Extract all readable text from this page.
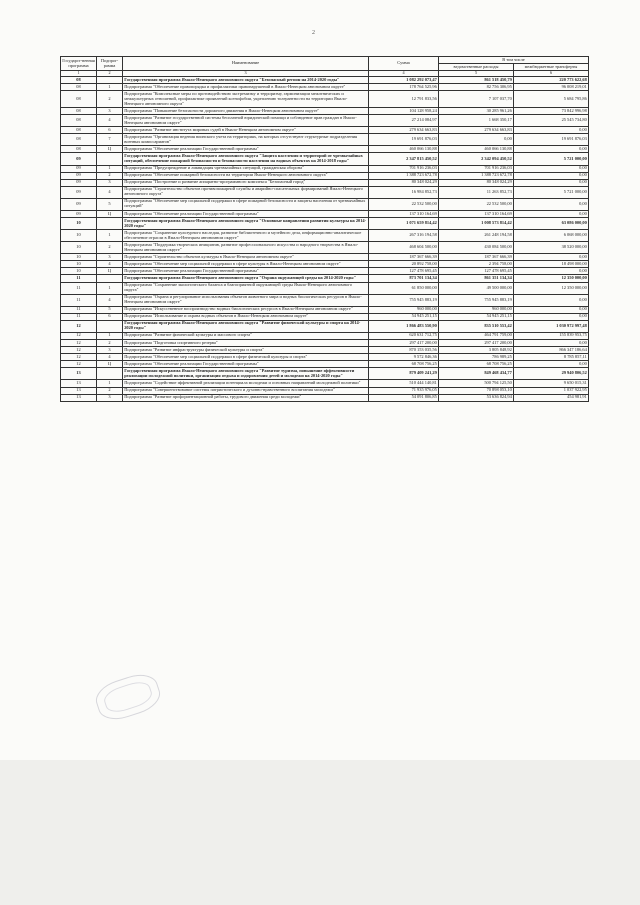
2
Государст-венная программа	Подпрог-рамма	Наименование	Сумма	В том числе	
				ведомственные расходы	межбюджетные трансферты
1	2	3	4	5	6
08		Государственная программа Ямало-Ненецкого автономного округа "Безопасный регион на 2014-2020 годы"	1 082 292 073,47	861 518 450,79	220 773 622,68
08	1	Подпрограмма "Обеспечение правопорядка и профилактики правонарушений в Ямало-Ненецком автономном округе"	178 764 525,96	82 756 306,95	96 008 219,01
08	2	Подпрограмма "Комплексные меры по противодействию экстремизму и терроризму, гармонизации межэтнических и межкультурных отношений, профилактике проявлений ксенофобии, укреплению толерантности на территории Ямало-Ненецкого автономного округа"	12 791 833,56	7 107 037,70	5 684 795,86
08	3	Подпрограмма "Повышение безопасности дорожного движения в Ямало-Ненецком автономном округе"	104 128 958,24	30 285 961,26	73 842 996,98
08	4	Подпрограмма "Развитие государственной системы бесплатной юридической помощи и соблюдение прав граждан в Ямало-Ненецком автономном округе"	27 214 084,97	1 668 350,17	25 545 734,80
08	6	Подпрограмма "Развитие института мировых судей в Ямало-Ненецком автономном округе"	279 634 663,83	279 634 663,83	0,00
08	7	Подпрограмма "Организация ведения воинского учета на территориях, на которых отсутствуют структурные подразделения военных комиссариатов"	19 691 876,03	0,00	19 691 876,03
08	Ц	Подпрограмма "Обеспечение реализации Государственной программы"	460 066 130,88	460 066 130,88	0,00
09		Государственная программа Ямало-Ненецкого автономного округа "Защита населения и территорий от чрезвычайных ситуаций, обеспечение пожарной безопасности и безопасности населения на водных объектах на 2014-2018 годы"	2 347 815 450,52	2 342 094 450,52	5 721 000,00
09	1	Подпрограмма "Предупреждение и ликвидация чрезвычайных ситуаций, гражданская оборона"	701 916 236,03	701 916 236,03	0,00
09	2	Подпрограмма "Обеспечение пожарной безопасности на территории Ямало-Ненецкого автономного округа"	1 388 723 672,78	1 388 723 672,78	0,00
09	3	Подпрограмма "Построение и развитие аппаратно-программного комплекса "Безопасный город"	80 348 024,29	80 348 024,29	0,00
09	4	Подпрограмма "Строительство объектов противопожарной службы и аварийно-спасательных формирований Ямало-Ненецкого автономного округа"	16 984 852,73	11 263 852,73	5 721 000,00
09	5	Подпрограмма "Обеспечение мер социальной поддержки в сфере пожарной безопасности и защиты населения от чрезвычайных ситуаций"	22 532 500,00	22 532 500,00	0,00
09	Ц	Подпрограмма "Обеспечение реализации Государственной программы"	137 310 164,69	137 310 164,69	0,00
10		Государственная программа Ямало-Ненецкого автономного округа "Основные направления развития культуры на 2014-2020 годы"	1 071 659 814,42	1 008 573 814,42	63 086 000,00
10	1	Подпрограмма "Сохранение культурного наследия, развитие библиотечного и музейного дела, информационно-аналитическое обеспечение отрасли в Ямало-Ненецком автономном округе"	267 316 194,58	261 248 194,58	6 068 000,00
10	2	Подпрограмма "Поддержка творческих инициатив, развитие профессионального искусства и народного творчества в Ямало-Ненецком автономном округе"	468 604 500,00	430 084 500,00	38 520 000,00
10	3	Подпрограмма "Строительство объектов культуры в Ямало-Ненецком автономном округе"	187 367 666,39	187 367 666,39	0,00
10	4	Подпрограмма "Обеспечение мер социальной поддержки в сфере культуры в Ямало-Ненецком автономном округе"	20 892 758,00	2 394 758,00	18 498 000,00
10	Ц	Подпрограмма "Обеспечение реализации Государственной программы"	127 478 695,45	127 478 695,45	0,00
11		Государственная программа Ямало-Ненецкого автономного округа "Охрана окружающей среды на 2014-2020 годы"	873 701 134,34	861 351 134,34	12 350 000,00
11	1	Подпрограмма "Сохранение экологического баланса и благоприятной окружающей среды Ямало-Ненецкого автономного округа"	61 850 000,00	49 500 000,00	12 350 000,00
11	4	Подпрограмма "Охрана и регулирование использования объектов животного мира и водных биологических ресурсов в Ямало-Ненецком автономном округе"	755 945 883,19	755 945 883,19	0,00
11	5	Подпрограмма "Искусственное воспроизводство водных биологических ресурсов в Ямало-Ненецком автономном округе"	960 000,00	960 000,00	0,00
11	6	Подпрограмма "Использование и охрана водных объектов в Ямало-Ненецком автономном округе"	54 945 251,15	54 945 251,15	0,00
12		Государственная программа Ямало-Ненецкого автономного округа "Развитие физической культуры и спорта на 2014-2020 годы"	1 866 483 550,90	835 510 553,42	1 030 972 997,48
12	1	Подпрограмма "Развитие физической культуры и массового спорта"	620 631 712,75	464 791 759,00	155 839 953,75
12	2	Подпрограмма "Подготовка спортивного резерва"	297 417 200,00	297 417 200,00	0,00
12	3	Подпрограмма "Развитие инфраструктуры физической культуры и спорта"	870 153 035,56	3 805 848,92	866 347 186,64
12	4	Подпрограмма "Обеспечение мер социальной поддержки в сфере физической культуры и спорта"	9 572 846,36	786 989,25	8 785 857,11
12	Ц	Подпрограмма "Обеспечение реализации Государственной программы"	68 708 756,25	68 708 756,25	0,00
13		Государственная программа Ямало-Ненецкого автономного округа "Развитие туризма, повышение эффективности реализации молодежной политики, организация отдыха и оздоровления детей и молодежи на 2014-2020 годы"	879 409 241,29	849 468 434,77	29 940 806,52
13	1	Подпрограмма "Содействие эффективной реализации потенциала молодежи и основных направлений молодежной политики"	510 444 140,81	500 794 125,50	9 650 015,31
13	2	Подпрограмма "Совершенствование системы патриотического и духовно-нравственного воспитания молодежи"	71 935 976,05	70 898 053,10	1 037 922,95
13	3	Подпрограмма "Развитие профориентационной работы, трудового движения среди молодежи"	54 091 806,85	53 636 824,94	454 981,91
